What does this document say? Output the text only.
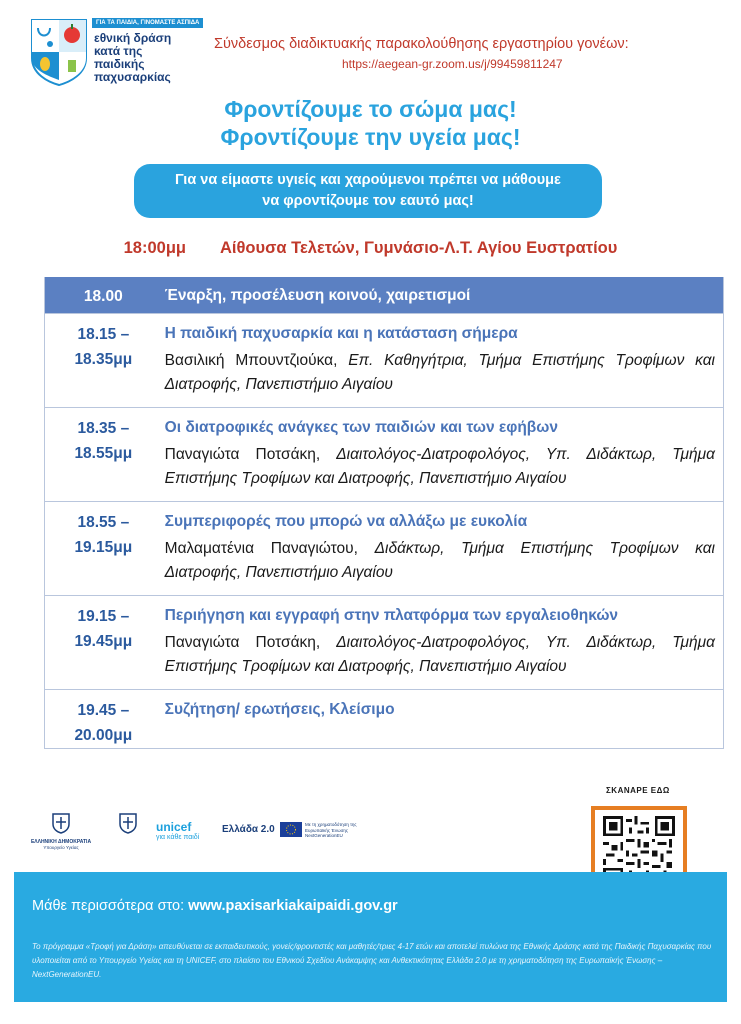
ΓΙΑ ΤΑ ΠΑΙΔΙΑ, ΓΙΝΟΜΑΣΤΕ ΑΣΠΙΔΑ
εθνική δράση
κατά της
παιδικής
παχυσαρκίας
Σύνδεσμος διαδικτυακής παρακολούθησης εργαστηρίου γονέων:
https://aegean-gr.zoom.us/j/99459811247
Φροντίζουμε το σώμα μας!
Φροντίζουμε την υγεία μας!
Για να είμαστε υγιείς και χαρούμενοι πρέπει να μάθουμε
να φροντίζουμε τον εαυτό μας!
18:00μμ Αίθουσα Τελετών, Γυμνάσιο-Λ.Τ. Αγίου Ευστρατίου
18.00	Έναρξη, προσέλευση κοινού, χαιρετισμοί
18.15 –
18.35μμ
Η παιδική παχυσαρκία και η κατάσταση σήμερα
Βασιλική Μπουντζιούκα, Επ. Καθηγήτρια, Τμήμα Επιστήμης Τροφίμων και Διατροφής, Πανεπιστήμιο Αιγαίου
18.35 –
18.55μμ
Οι διατροφικές ανάγκες των παιδιών και των εφήβων
Παναγιώτα Ποτσάκη, Διαιτολόγος-Διατροφολόγος, Υπ. Διδάκτωρ, Τμήμα Επιστήμης Τροφίμων και Διατροφής, Πανεπιστήμιο Αιγαίου
18.55 –
19.15μμ
Συμπεριφορές που μπορώ να αλλάξω με ευκολία
Μαλαματένια Παναγιώτου, Διδάκτωρ, Τμήμα Επιστήμης Τροφίμων και Διατροφής, Πανεπιστήμιο Αιγαίου
19.15 –
19.45μμ
Περιήγηση και εγγραφή στην πλατφόρμα των εργαλειοθηκών
Παναγιώτα Ποτσάκη, Διαιτολόγος-Διατροφολόγος, Υπ. Διδάκτωρ, Τμήμα Επιστήμης Τροφίμων και Διατροφής, Πανεπιστήμιο Αιγαίου
19.45 –
20.00μμ
Συζήτηση/ ερωτήσεις, Κλείσιμο
ΕΛΛΗΝΙΚΗ ΔΗΜΟΚΡΑΤΙΑ
Υπουργείο Υγείας
unicef
για κάθε παιδί
Ελλάδα 2.0	Με τη χρηματοδότηση της Ευρωπαϊκής Ένωσης
NextGenerationEU
ΣΚΑΝΑΡΕ ΕΔΩ
Μάθε περισσότερα στο: www.paxisarkiakaipaidi.gov.gr
Το πρόγραμμα «Τροφή για Δράση» απευθύνεται σε εκπαιδευτικούς, γονείς/φροντιστές και μαθητές/τριες 4-17 ετών και αποτελεί πυλώνα της Εθνικής Δράσης κατά της Παιδικής Παχυσαρκίας που υλοποιείται από το Υπουργείο Υγείας και τη UNICEF, στο πλαίσιο του Εθνικού Σχεδίου Ανάκαμψης και Ανθεκτικότητας Ελλάδα 2.0 με τη χρηματοδότηση της Ευρωπαϊκής Ένωσης – NextGenerationEU.
